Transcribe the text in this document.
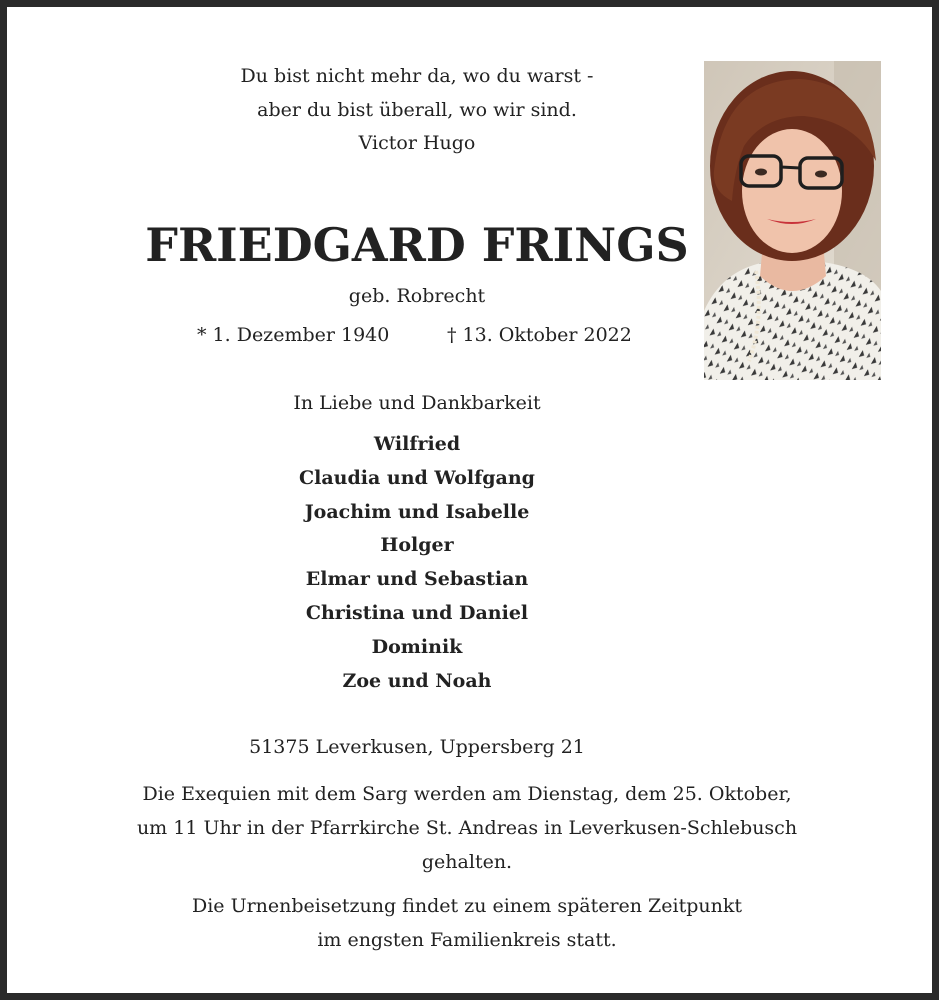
Du bist nicht mehr da, wo du warst -
aber du bist überall, wo wir sind.
Victor Hugo
FRIEDGARD FRINGS
geb. Robrecht
* 1. Dezember 1940	† 13. Oktober 2022
In Liebe und Dankbarkeit
Wilfried
Claudia und Wolfgang
Joachim und Isabelle
Holger
Elmar und Sebastian
Christina und Daniel
Dominik
Zoe und Noah
51375 Leverkusen, Uppersberg 21
Die Exequien mit dem Sarg werden am Dienstag, dem 25. Oktober,
um 11 Uhr in der Pfarrkirche St. Andreas in Leverkusen-Schlebusch
gehalten.
Die Urnenbeisetzung findet zu einem späteren Zeitpunkt
im engsten Familienkreis statt.
